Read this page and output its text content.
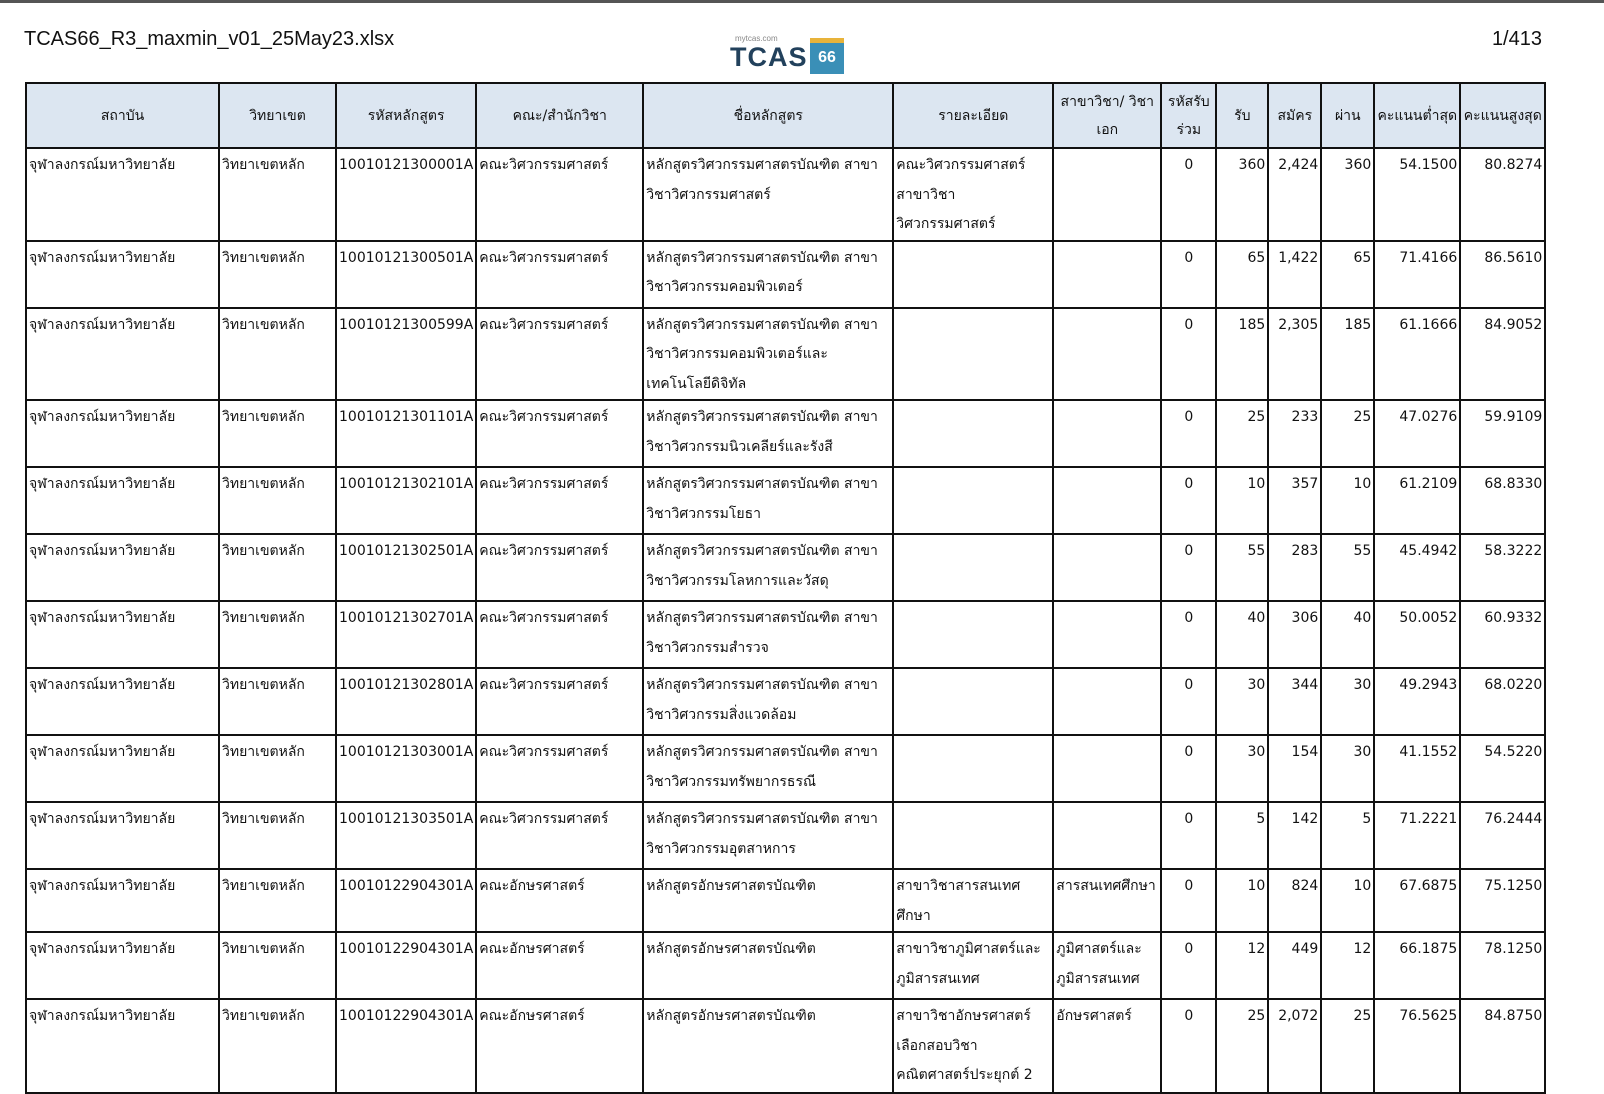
TCAS66_R3_maxmin_v01_25May23.xlsx	mytcas.com
TCAS 66
1/413
สถาบัน	วิทยาเขต	รหัสหลักสูตร	คณะ/สำนักวิชา	ชื่อหลักสูตร	รายละเอียด	สาขาวิชา/ วิชาเอก	รหัสรับ ร่วม	รับ	สมัคร	ผ่าน	คะแนนต่ำสุด	คะแนนสูงสุด
จุฬาลงกรณ์มหาวิทยาลัย	วิทยาเขตหลัก	10010121300001A	คณะวิศวกรรมศาสตร์	หลักสูตรวิศวกรรมศาสตรบัณฑิต สาขาวิชาวิศวกรรมศาสตร์	คณะวิศวกรรมศาสตร์ สาขาวิชาวิศวกรรมศาสตร์		0	360	2,424	360	54.1500	80.8274
จุฬาลงกรณ์มหาวิทยาลัย	วิทยาเขตหลัก	10010121300501A	คณะวิศวกรรมศาสตร์	หลักสูตรวิศวกรรมศาสตรบัณฑิต สาขาวิชาวิศวกรรมคอมพิวเตอร์			0	65	1,422	65	71.4166	86.5610
จุฬาลงกรณ์มหาวิทยาลัย	วิทยาเขตหลัก	10010121300599A	คณะวิศวกรรมศาสตร์	หลักสูตรวิศวกรรมศาสตรบัณฑิต สาขาวิชาวิศวกรรมคอมพิวเตอร์และเทคโนโลยีดิจิทัล			0	185	2,305	185	61.1666	84.9052
จุฬาลงกรณ์มหาวิทยาลัย	วิทยาเขตหลัก	10010121301101A	คณะวิศวกรรมศาสตร์	หลักสูตรวิศวกรรมศาสตรบัณฑิต สาขาวิชาวิศวกรรมนิวเคลียร์และรังสี			0	25	233	25	47.0276	59.9109
จุฬาลงกรณ์มหาวิทยาลัย	วิทยาเขตหลัก	10010121302101A	คณะวิศวกรรมศาสตร์	หลักสูตรวิศวกรรมศาสตรบัณฑิต สาขาวิชาวิศวกรรมโยธา			0	10	357	10	61.2109	68.8330
จุฬาลงกรณ์มหาวิทยาลัย	วิทยาเขตหลัก	10010121302501A	คณะวิศวกรรมศาสตร์	หลักสูตรวิศวกรรมศาสตรบัณฑิต สาขาวิชาวิศวกรรมโลหการและวัสดุ			0	55	283	55	45.4942	58.3222
จุฬาลงกรณ์มหาวิทยาลัย	วิทยาเขตหลัก	10010121302701A	คณะวิศวกรรมศาสตร์	หลักสูตรวิศวกรรมศาสตรบัณฑิต สาขาวิชาวิศวกรรมสำรวจ			0	40	306	40	50.0052	60.9332
จุฬาลงกรณ์มหาวิทยาลัย	วิทยาเขตหลัก	10010121302801A	คณะวิศวกรรมศาสตร์	หลักสูตรวิศวกรรมศาสตรบัณฑิต สาขาวิชาวิศวกรรมสิ่งแวดล้อม			0	30	344	30	49.2943	68.0220
จุฬาลงกรณ์มหาวิทยาลัย	วิทยาเขตหลัก	10010121303001A	คณะวิศวกรรมศาสตร์	หลักสูตรวิศวกรรมศาสตรบัณฑิต สาขาวิชาวิศวกรรมทรัพยากรธรณี			0	30	154	30	41.1552	54.5220
จุฬาลงกรณ์มหาวิทยาลัย	วิทยาเขตหลัก	10010121303501A	คณะวิศวกรรมศาสตร์	หลักสูตรวิศวกรรมศาสตรบัณฑิต สาขาวิชาวิศวกรรมอุตสาหการ			0	5	142	5	71.2221	76.2444
จุฬาลงกรณ์มหาวิทยาลัย	วิทยาเขตหลัก	10010122904301A	คณะอักษรศาสตร์	หลักสูตรอักษรศาสตรบัณฑิต	สาขาวิชาสารสนเทศศึกษา	สารสนเทศศึกษา	0	10	824	10	67.6875	75.1250
จุฬาลงกรณ์มหาวิทยาลัย	วิทยาเขตหลัก	10010122904301A	คณะอักษรศาสตร์	หลักสูตรอักษรศาสตรบัณฑิต	สาขาวิชาภูมิศาสตร์และภูมิสารสนเทศ	ภูมิศาสตร์และภูมิสารสนเทศ	0	12	449	12	66.1875	78.1250
จุฬาลงกรณ์มหาวิทยาลัย	วิทยาเขตหลัก	10010122904301A	คณะอักษรศาสตร์	หลักสูตรอักษรศาสตรบัณฑิต	สาขาวิชาอักษรศาสตร์ เลือกสอบวิชาคณิตศาสตร์ประยุกต์ 2	อักษรศาสตร์	0	25	2,072	25	76.5625	84.8750
